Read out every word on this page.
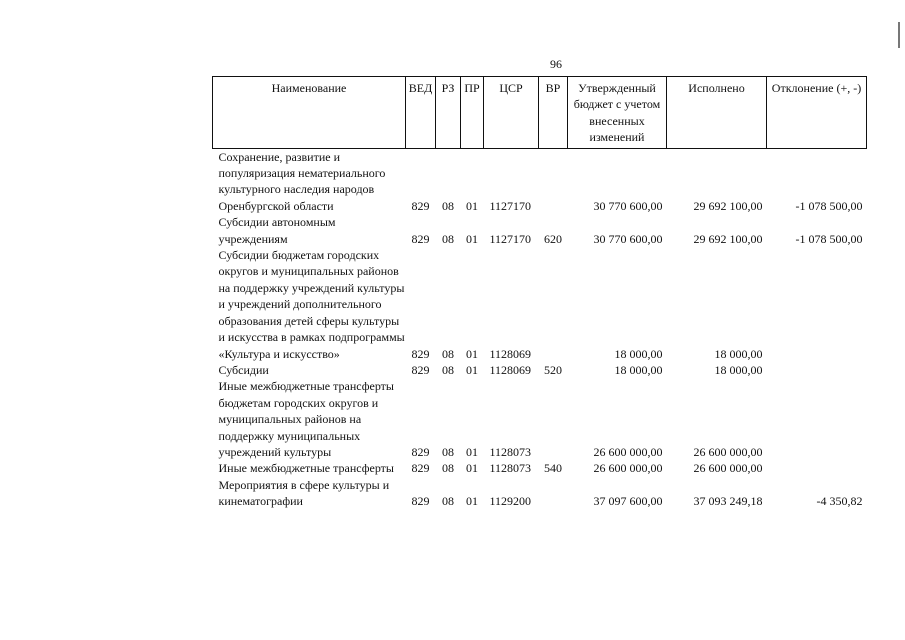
96
Наименование	ВЕД	РЗ	ПР	ЦСР	ВР	Утвержденный бюджет с учетом внесенных изменений	Исполнено	Отклонение (+, -)

Сохранение, развитие и популяризация нематериального культурного наследия народов Оренбургской области	829	08	01	1127170		30 770 600,00	29 692 100,00	-1 078 500,00
Субсидии автономным учреждениям	829	08	01	1127170	620	30 770 600,00	29 692 100,00	-1 078 500,00
Субсидии бюджетам городских округов и муниципальных районов на поддержку учреждений культуры и учреждений дополнительного образования детей сферы культуры и искусства в рамках подпрограммы «Культура и искусство»	829	08	01	1128069		18 000,00	18 000,00	
Субсидии	829	08	01	1128069	520	18 000,00	18 000,00	
Иные межбюджетные трансферты бюджетам городских округов и муниципальных районов на поддержку муниципальных учреждений культуры	829	08	01	1128073		26 600 000,00	26 600 000,00	
Иные межбюджетные трансферты	829	08	01	1128073	540	26 600 000,00	26 600 000,00	
Мероприятия в сфере культуры и кинематографии	829	08	01	1129200		37 097 600,00	37 093 249,18	-4 350,82
